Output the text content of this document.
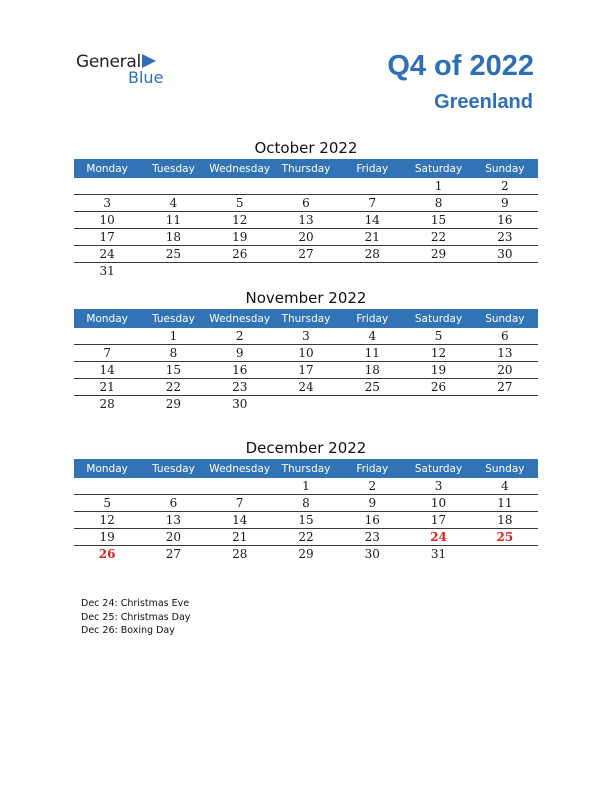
General
Blue	Q4 of 2022
Greenland
October 2022
Monday	Tuesday	Wednesday	Thursday	Friday	Saturday	Sunday
					1	2
3	4	5	6	7	8	9
10	11	12	13	14	15	16
17	18	19	20	21	22	23
24	25	26	27	28	29	30
31						
November 2022
Monday	Tuesday	Wednesday	Thursday	Friday	Saturday	Sunday
	1	2	3	4	5	6
7	8	9	10	11	12	13
14	15	16	17	18	19	20
21	22	23	24	25	26	27
28	29	30				
December 2022
Monday	Tuesday	Wednesday	Thursday	Friday	Saturday	Sunday
			1	2	3	4
5	6	7	8	9	10	11
12	13	14	15	16	17	18
19	20	21	22	23	24	25
26	27	28	29	30	31	
Dec 24: Christmas Eve
Dec 25: Christmas Day
Dec 26: Boxing Day
